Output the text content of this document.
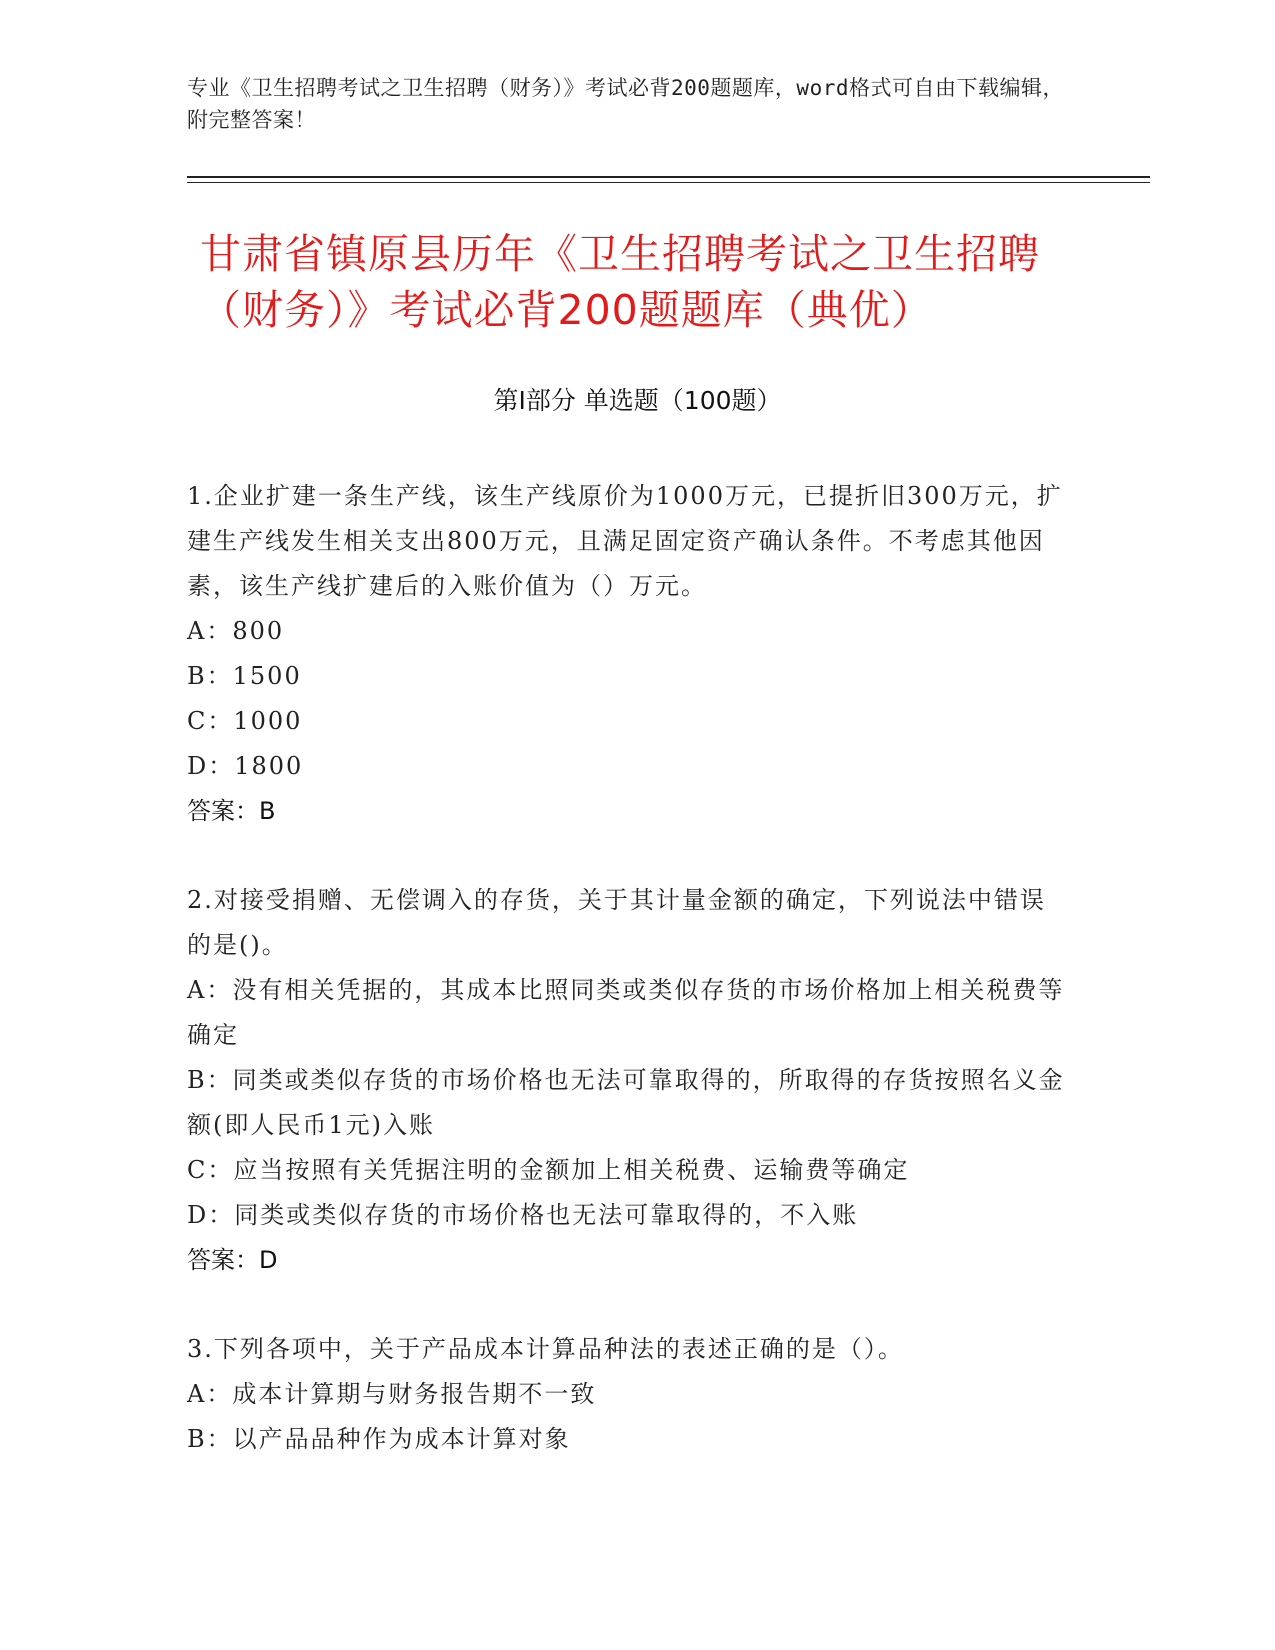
专业《卫生招聘考试之卫生招聘（财务）》考试必背200题题库，word格式可自由下载编辑，附完整答案！
甘肃省镇原县历年《卫生招聘考试之卫生招聘（财务）》考试必背200题题库（典优）
第I部分 单选题（100题）
1.企业扩建一条生产线，该生产线原价为1000万元，已提折旧300万元，扩建生产线发生相关支出800万元，且满足固定资产确认条件。不考虑其他因素，该生产线扩建后的入账价值为（）万元。
A：800
B：1500
C：1000
D：1800
答案：B
2.对接受捐赠、无偿调入的存货，关于其计量金额的确定，下列说法中错误的是()。
A：没有相关凭据的，其成本比照同类或类似存货的市场价格加上相关税费等确定
B：同类或类似存货的市场价格也无法可靠取得的，所取得的存货按照名义金额(即人民币1元)入账
C：应当按照有关凭据注明的金额加上相关税费、运输费等确定
D：同类或类似存货的市场价格也无法可靠取得的，不入账
答案：D
3.下列各项中，关于产品成本计算品种法的表述正确的是（）。
A：成本计算期与财务报告期不一致
B：以产品品种作为成本计算对象
